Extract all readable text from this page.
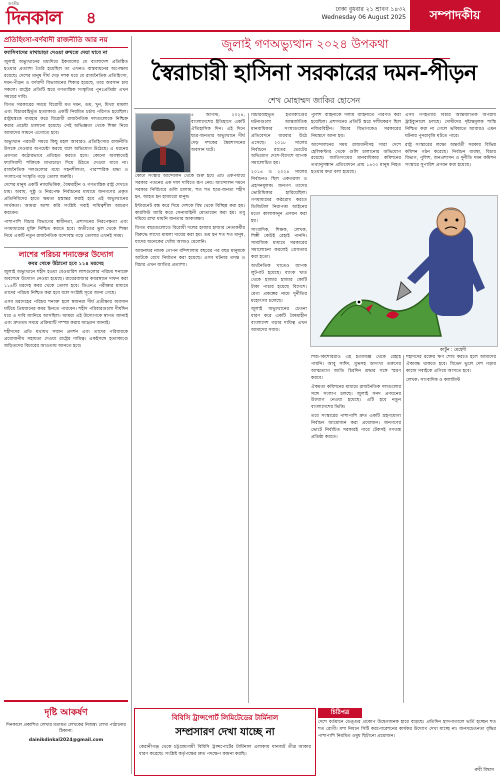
জাতীয়
দিনকাল ৪	ঢাকা বুধবার ২১ শ্রাবণ ১৪৩২
Wednesday 06 August 2025	সম্পাদকীয়
প্রতিহিংসা-বর্ণবাদী রাজনীতি আর নয়
ফ্যাসিবাদের মাথাচাড়া দেওয়া রুখতে দেয়া যাবে না

জুলাই অভ্যুত্থানের মধ্যদিয়ে ইকবালের যে বাংলাদেশ প্রতিষ্ঠিত হওয়ার প্রত্যাশা তৈরি হয়েছিল তা এখনও বাস্তবায়নের অপেক্ষায় রয়েছে। দেশের মানুষ দীর্ঘ দেড় দশক ধরে যে রাজনৈতিক প্রতিহিংসা, দমন-পীড়ন ও বর্ণবাদী বিভাজনের শিকার হয়েছে, তার অবসান চায় সকলে। রাষ্ট্রের প্রতিটি স্তরে গণতান্ত্রিক সংস্কৃতির পুনঃপ্রতিষ্ঠা এখন সময়ের দাবি।

বিগত সরকারের সময়ে বিরোধী মত দমন, গুম, খুন, মিথ্যা মামলা এবং বিচারবহির্ভূত হত্যাকাণ্ড একটি নিয়মিত চর্চায় পরিণত হয়েছিল। রাষ্ট্রযন্ত্রকে ব্যবহার করে বিরোধী রাজনৈতিক দলগুলোকে নিশ্চিহ্ন করার প্রচেষ্টা চালানো হয়েছে। সেই অভিজ্ঞতা থেকে শিক্ষা নিয়ে আমাদের সামনে এগোতে হবে।

অভ্যুত্থান পরবর্তী সময়ে কিছু মহল আবারও প্রতিহিংসার রাজনীতি উসকে দেওয়ার অপচেষ্টা করছে বলে অভিযোগ উঠেছে। এ ধরনের প্রবণতা কঠোরভাবে প্রতিহত করতে হবে। কোনো অবস্থাতেই ফ্যাসিবাদী শক্তিকে মাথাচাড়া দিয়ে উঠতে দেওয়া যাবে না। রাজনৈতিক দলগুলোর মধ্যে সহনশীলতা, পারস্পরিক শ্রদ্ধা ও সংলাপের সংস্কৃতি গড়ে তোলা জরুরি।

দেশের মানুষ একটি ন্যায়ভিত্তিক, বৈষম্যহীন ও গণতান্ত্রিক রাষ্ট্র দেখতে চায়। অবাধ, সুষ্ঠু ও নিরপেক্ষ নির্বাচনের মাধ্যমে জনগণের প্রকৃত প্রতিনিধিদের হাতে ক্ষমতা হস্তান্তর করাই হবে এই অভ্যুত্থানের সার্থকতা। আমরা আশা করি সংশ্লিষ্ট সবাই দায়িত্বশীল আচরণ করবেন।

পাশাপাশি বিচার বিভাগের স্বাধীনতা, প্রশাসনের নিরপেক্ষতা এবং গণমাধ্যমের মুক্তি নিশ্চিত করতে হবে। অতীতের ভুল থেকে শিক্ষা নিয়ে একটি নতুন রাজনৈতিক বন্দোবস্ত গড়ে তোলার এখনই সময়।

লাশের পরিচয় শনাক্তের উদ্যোগ
কবর থেকে উঠানো হবে ১১৪ মরদেহ

জুলাই অভ্যুত্থানে শহীদ হওয়া বেওয়ারিশ লাশগুলোর পরিচয় শনাক্তে অবশেষে উদ্যোগ নেওয়া হয়েছে। রায়েরবাজার কবরস্থানে দাফন করা ১১৪টি মরদেহ কবর থেকে তোলা হবে। ডিএনএ পরীক্ষার মাধ্যমে তাদের পরিচয় নিশ্চিত করা হবে বলে সংশ্লিষ্ট সূত্রে জানা গেছে।

এসব মরদেহের পরিচয় শনাক্ত হলে স্বজনরা দীর্ঘ প্রতীক্ষার অবসান ঘটিয়ে প্রিয়জনের কবর চিনতে পারবেন। শহীদ পরিবারগুলো দীর্ঘদিন ধরে এ দাবি জানিয়ে আসছিল। আমরা এই উদ্যোগকে স্বাগত জানাই এবং দ্রুততম সময়ে প্রক্রিয়াটি সম্পন্ন করার আহ্বান জানাই।

শহীদদের প্রতি যথাযথ সম্মান প্রদর্শন এবং তাদের পরিবারকে প্রয়োজনীয় সহায়তা দেওয়া রাষ্ট্রের দায়িত্ব। একইসঙ্গে হত্যাকাণ্ডে জড়িতদের বিচারের আওতায় আনতে হবে।

দৃষ্টি আকর্ষণ
দিনকালে প্রকাশিত লেখার মতামত লেখকের নিজস্ব। লেখা পাঠানোর ঠিকানা:
dainikdinkal2024@gmail.com
জুলাই গণঅভ্যুত্থান ২০২৪ উপকথা
স্বৈরাচারী হাসিনা সরকারের দমন-পীড়ন
শেখ মোহাম্মদ জাকির হোসেন

৫ আগস্ট, ২০২৪, বাংলাদেশের ইতিহাসে একটি ঐতিহাসিক দিন। এই দিনে ছাত্র-জনতার অভ্যুত্থানে দীর্ঘ দেড় দশকের স্বৈরশাসনের অবসান ঘটে।

কোটা সংস্কার আন্দোলন থেকে শুরু হয়ে এটি একপর্যায়ে সরকার পতনের এক দফা দাবিতে রূপ নেয়। আন্দোলন দমনে সরকার নির্বিচারে গুলি চালায়, শত শত ছাত্র-জনতা শহীদ হন, আহত হন হাজারো মানুষ।

ইন্টারনেট বন্ধ করে দিয়ে দেশকে বিশ্ব থেকে বিচ্ছিন্ন করা হয়। কারফিউ জারি করে সেনাবাহিনী মোতায়েন করা হয়। তবু দমিয়ে রাখা যায়নি জনতার আকাঙ্ক্ষা।

বিগত বছরগুলোতে বিরোধী দলের হাজার হাজার নেতাকর্মীর বিরুদ্ধে লাখো মামলা দায়ের করা হয়। গুম হন শত শত মানুষ, যাদের অনেকের খোঁজ আজও মেলেনি।

আয়নাঘর নামক গোপন বন্দিশালায় বছরের পর বছর মানুষকে আটকে রেখে নির্যাতন করা হয়েছে। এসব ঘটনার তদন্ত ও বিচার এখন জাতির প্রত্যাশা।

বিচারবহির্ভূত হত্যাকাণ্ডের ঘটনাগুলো আন্তর্জাতিক মানবাধিকার সংস্থাগুলোর প্রতিবেদনে বারবার উঠে এসেছে। ২০১৮ সালের নির্বাচনে রাতের ভোটের অভিযোগ দেশে-বিদেশে ব্যাপক সমালোচিত হয়।

২০১৪ ও ২০২৪ সালের নির্বাচনও ছিল একতরফা ও প্রহসনমূলক। জনগণ তাদের ভোটাধিকার হারিয়েছিল। গণমাধ্যমের কণ্ঠরোধ করতে ডিজিটাল নিরাপত্তা আইনের মতো কালাকানুন প্রণয়ন করা হয়।

সাংবাদিক, শিক্ষক, লেখক, শিল্পী কেউই রেহাই পাননি। সামাজিক মাধ্যমে সরকারের সমালোচনা করলেই গ্রেফতার করা হতো।

অর্থনৈতিক খাতেও ব্যাপক লুটপাট হয়েছে। ব্যাংক খাত থেকে হাজার হাজার কোটি টাকা পাচার হয়েছে বিদেশে। মেগা প্রকল্পের নামে দুর্নীতির মহোৎসব চলেছে।

জুলাই অভ্যুত্থানের চেতনা ধারণ করে একটি বৈষম্যহীন বাংলাদেশ গড়ার দায়িত্ব এখন আমাদের সবার।

পুলিশ বাহিনীকে দলীয় বাহিনীতে পরিণত করা হয়েছিল। প্রশাসনের প্রতিটি স্তরে দলীয়করণ ছিল নজিরবিহীন। বিচার বিভাগকেও সরকারের নিয়ন্ত্রণে আনা হয়।

আন্দোলনের সময় রাজধানীসহ সারা দেশে হেলিকপ্টার থেকে গুলি চালানোর অভিযোগ রয়েছে। জাতিসংঘের মানবাধিকার কমিশনের তথ্যানুসন্ধান প্রতিবেদনে প্রায় ১৪০০ মানুষ নিহত হওয়ার কথা বলা হয়েছে।

এসব গণহত্যার বিচার আন্তর্জাতিক অপরাধ ট্রাইব্যুনালে চলছে। দোষীদের দৃষ্টান্তমূলক শাস্তি নিশ্চিত করা না গেলে ভবিষ্যতে আবারও এমন ঘটনার পুনরাবৃত্তি ঘটতে পারে।

রাষ্ট্র সংস্কারের লক্ষ্যে অন্তর্বর্তী সরকার বিভিন্ন কমিশন গঠন করেছে। নির্বাচন ব্যবস্থা, বিচার বিভাগ, পুলিশ, জনপ্রশাসন ও দুর্নীতি দমন কমিশন সংস্কারে সুপারিশ প্রণয়ন করা হয়েছে।

কার্টুন : মেহেদী

শিশু-কিশোররাও এই হত্যাযজ্ঞ থেকে রেহাই পায়নি। আবু সাঈদ, মুগ্ধসহ অসংখ্য তরুণের আত্মত্যাগ জাতি চিরদিন শ্রদ্ধার সঙ্গে স্মরণ করবে।

ঐকমত্য কমিশনের মাধ্যমে রাজনৈতিক দলগুলোর সঙ্গে সংলাপ চলছে। জুলাই সনদ প্রণয়নের উদ্যোগ নেওয়া হয়েছে। এটি হবে নতুন বাংলাদেশের ভিত্তি।

তবে সংস্কারের পাশাপাশি দ্রুত একটি গ্রহণযোগ্য নির্বাচন আয়োজন করা প্রয়োজন। জনগণের ভোটে নির্বাচিত সরকারই পারে টেকসই গণতন্ত্র প্রতিষ্ঠা করতে।

শহীদদের রক্তের ঋণ শোধ করতে হলে আমাদের ঐক্যবদ্ধ থাকতে হবে। বিভেদ ভুলে দেশ গড়ার কাজে সবাইকে এগিয়ে আসতে হবে।

লেখক: সাংবাদিক ও কলামিস্ট

বিবিসি ট্রান্সপোর্ট লিমিটেডের টার্মিনাল
সম্প্রসারণ দেখা যাচ্ছে না
কেরানীগঞ্জ থেকে চট্টগ্রামগামী বিবিসি ট্রান্সপোর্টের টার্মিনাল এলাকায় যানজট তীব্র আকার ধারণ করেছে। সংশ্লিষ্ট কর্তৃপক্ষের দ্রুত পদক্ষেপ কামনা করছি।
চিঠিপত্র
দেশে বর্তমানে ডেঙ্গুর প্রকোপ উদ্বেগজনক হারে বাড়ছে। প্রতিদিন হাসপাতালে ভর্তি হচ্ছেন শত শত রোগী। মশা নিধনে সিটি করপোরেশনের কার্যকর উদ্যোগ দেখা যাচ্ছে না। জনসচেতনতা বৃদ্ধির পাশাপাশি নিয়মিত ওষুধ ছিটানো প্রয়োজন।
রুবী বিশ্বাস
